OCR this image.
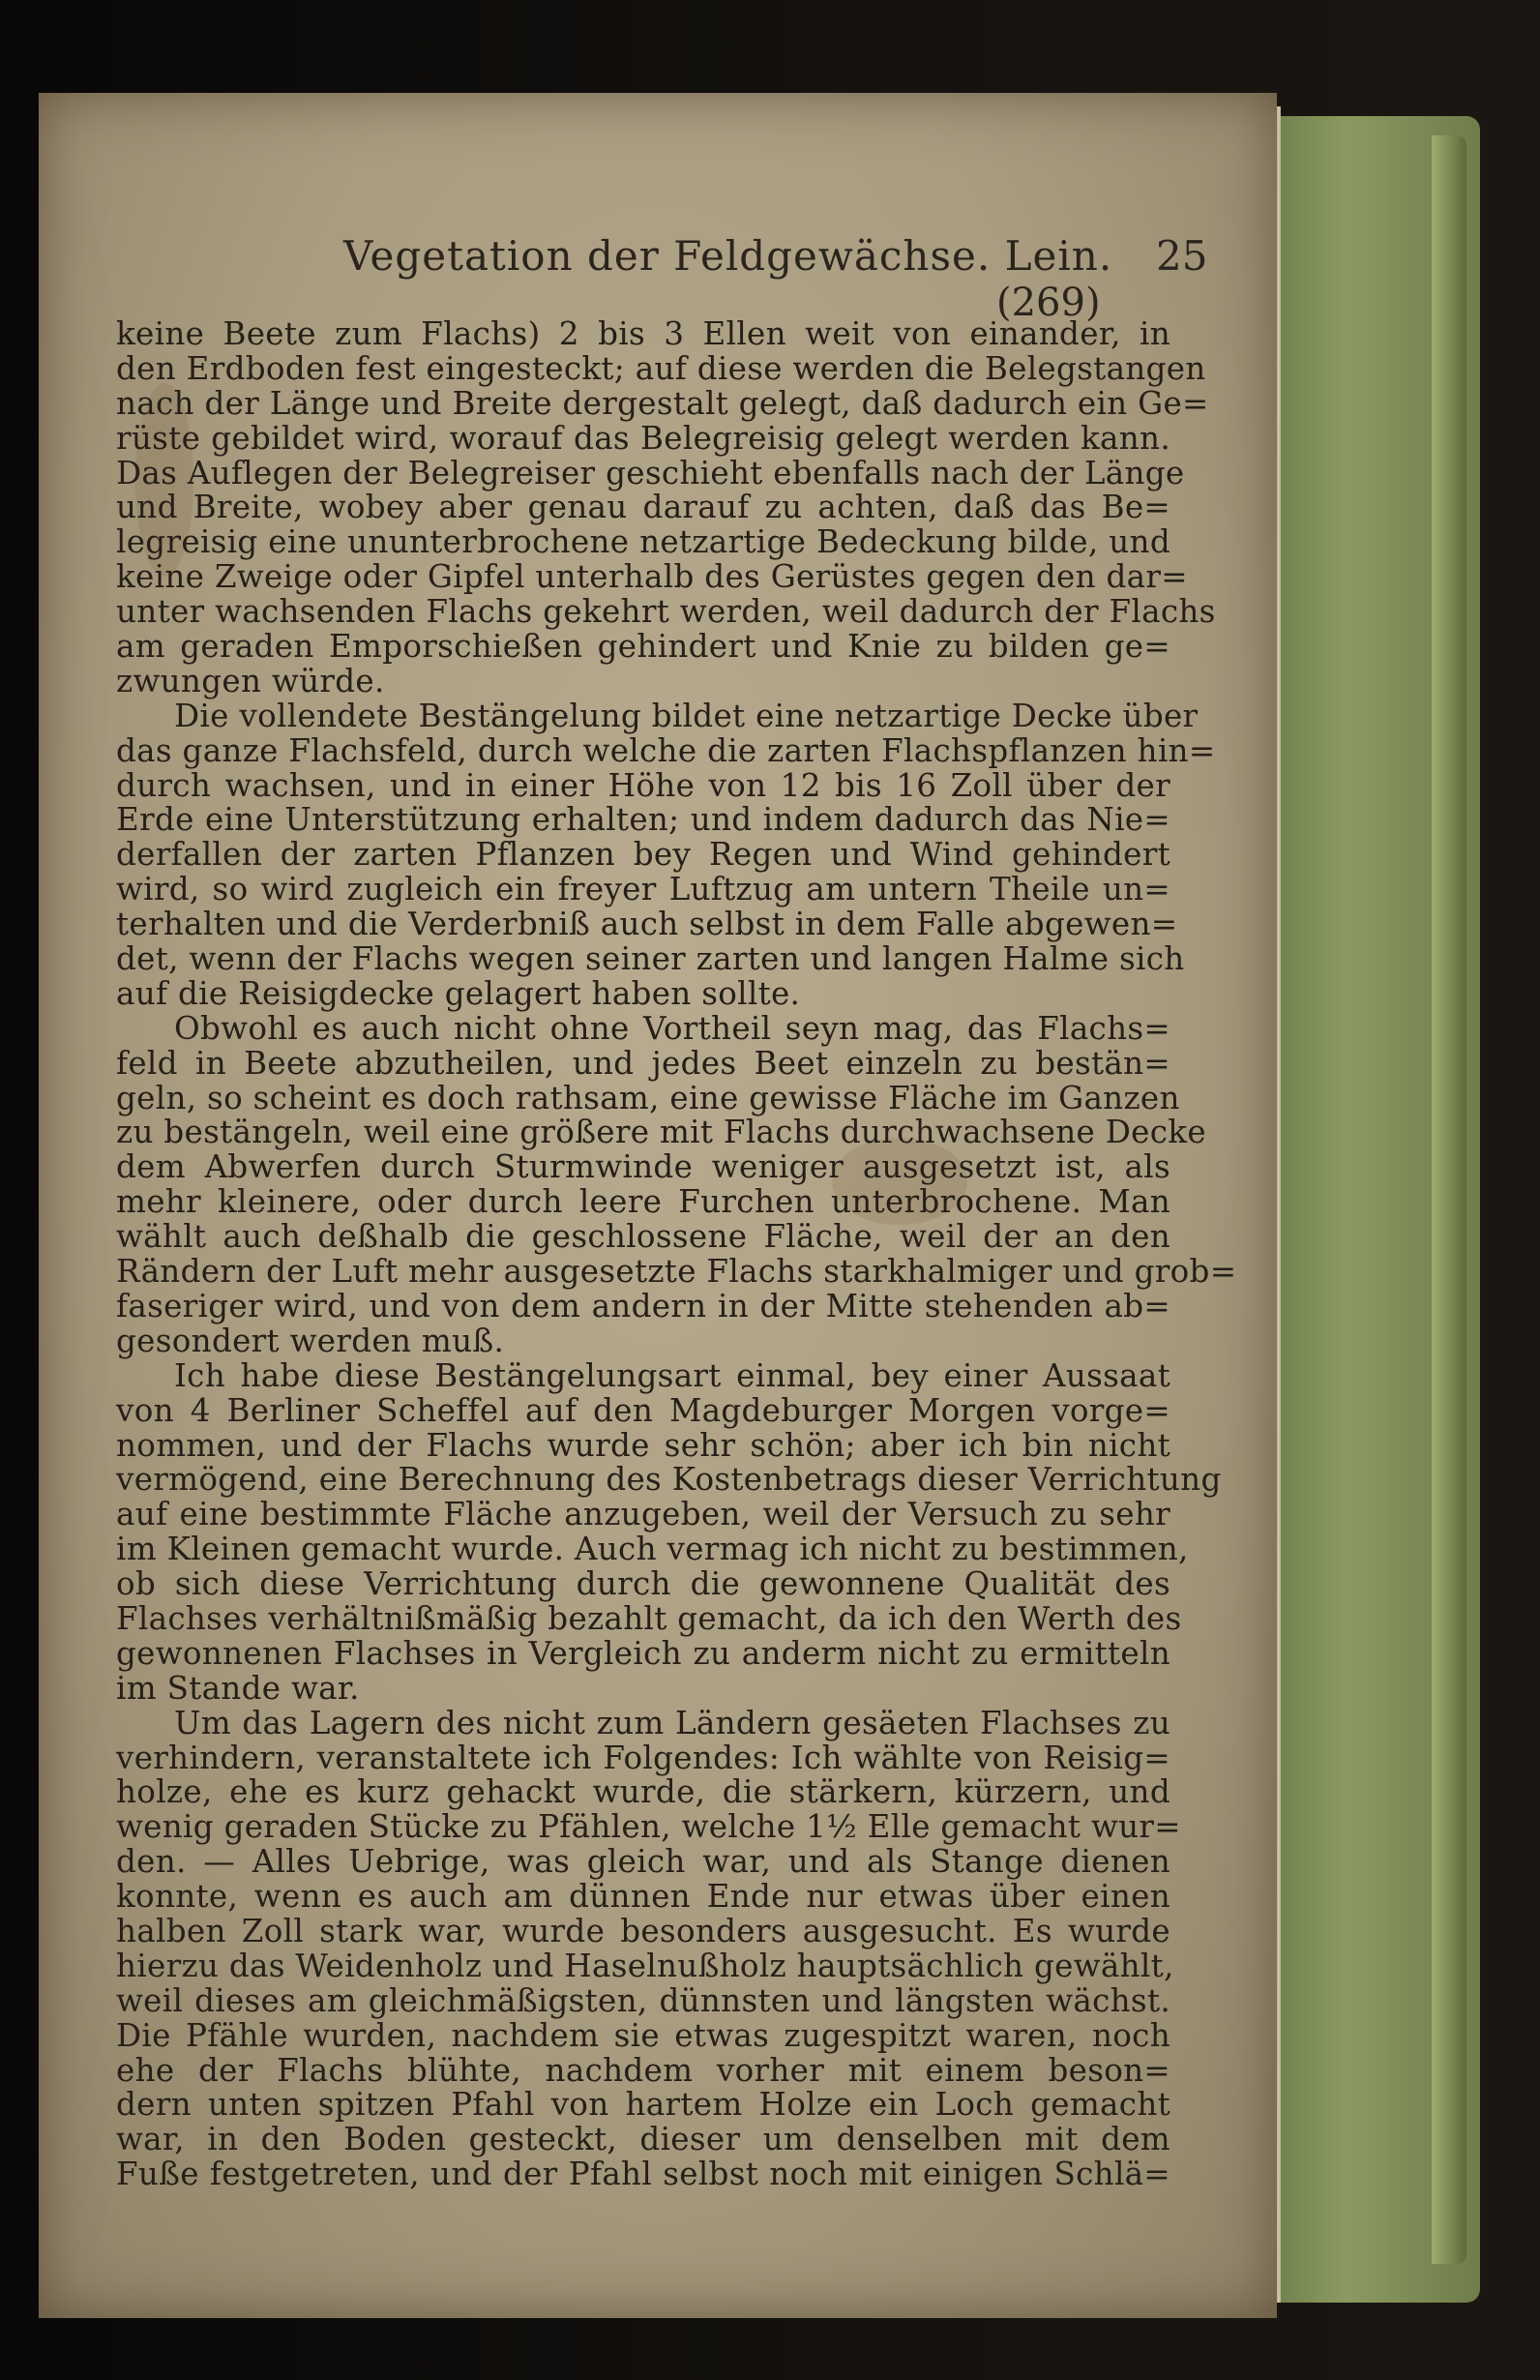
Vegetation der Feldgewächse. Lein. 25
(269)
keine Beete zum Flachs) 2 bis 3 Ellen weit von einander, in
den Erdboden fest eingesteckt; auf diese werden die Belegstangen
nach der Länge und Breite dergestalt gelegt, daß dadurch ein Ge=
rüste gebildet wird, worauf das Belegreisig gelegt werden kann.
Das Auflegen der Belegreiser geschieht ebenfalls nach der Länge
und Breite, wobey aber genau darauf zu achten, daß das Be=
legreisig eine ununterbrochene netzartige Bedeckung bilde, und
keine Zweige oder Gipfel unterhalb des Gerüstes gegen den dar=
unter wachsenden Flachs gekehrt werden, weil dadurch der Flachs
am geraden Emporschießen gehindert und Knie zu bilden ge=
zwungen würde.
Die vollendete Bestängelung bildet eine netzartige Decke über
das ganze Flachsfeld, durch welche die zarten Flachspflanzen hin=
durch wachsen, und in einer Höhe von 12 bis 16 Zoll über der
Erde eine Unterstützung erhalten; und indem dadurch das Nie=
derfallen der zarten Pflanzen bey Regen und Wind gehindert
wird, so wird zugleich ein freyer Luftzug am untern Theile un=
terhalten und die Verderbniß auch selbst in dem Falle abgewen=
det, wenn der Flachs wegen seiner zarten und langen Halme sich
auf die Reisigdecke gelagert haben sollte.
Obwohl es auch nicht ohne Vortheil seyn mag, das Flachs=
feld in Beete abzutheilen, und jedes Beet einzeln zu bestän=
geln, so scheint es doch rathsam, eine gewisse Fläche im Ganzen
zu bestängeln, weil eine größere mit Flachs durchwachsene Decke
dem Abwerfen durch Sturmwinde weniger ausgesetzt ist, als
mehr kleinere, oder durch leere Furchen unterbrochene. Man
wählt auch deßhalb die geschlossene Fläche, weil der an den
Rändern der Luft mehr ausgesetzte Flachs starkhalmiger und grob=
faseriger wird, und von dem andern in der Mitte stehenden ab=
gesondert werden muß.
Ich habe diese Bestängelungsart einmal, bey einer Aussaat
von 4 Berliner Scheffel auf den Magdeburger Morgen vorge=
nommen, und der Flachs wurde sehr schön; aber ich bin nicht
vermögend, eine Berechnung des Kostenbetrags dieser Verrichtung
auf eine bestimmte Fläche anzugeben, weil der Versuch zu sehr
im Kleinen gemacht wurde. Auch vermag ich nicht zu bestimmen,
ob sich diese Verrichtung durch die gewonnene Qualität des
Flachses verhältnißmäßig bezahlt gemacht, da ich den Werth des
gewonnenen Flachses in Vergleich zu anderm nicht zu ermitteln
im Stande war.
Um das Lagern des nicht zum Ländern gesäeten Flachses zu
verhindern, veranstaltete ich Folgendes: Ich wählte von Reisig=
holze, ehe es kurz gehackt wurde, die stärkern, kürzern, und
wenig geraden Stücke zu Pfählen, welche 1½ Elle gemacht wur=
den. — Alles Uebrige, was gleich war, und als Stange dienen
konnte, wenn es auch am dünnen Ende nur etwas über einen
halben Zoll stark war, wurde besonders ausgesucht. Es wurde
hierzu das Weidenholz und Haselnußholz hauptsächlich gewählt,
weil dieses am gleichmäßigsten, dünnsten und längsten wächst.
Die Pfähle wurden, nachdem sie etwas zugespitzt waren, noch
ehe der Flachs blühte, nachdem vorher mit einem beson=
dern unten spitzen Pfahl von hartem Holze ein Loch gemacht
war, in den Boden gesteckt, dieser um denselben mit dem
Fuße festgetreten, und der Pfahl selbst noch mit einigen Schlä=
